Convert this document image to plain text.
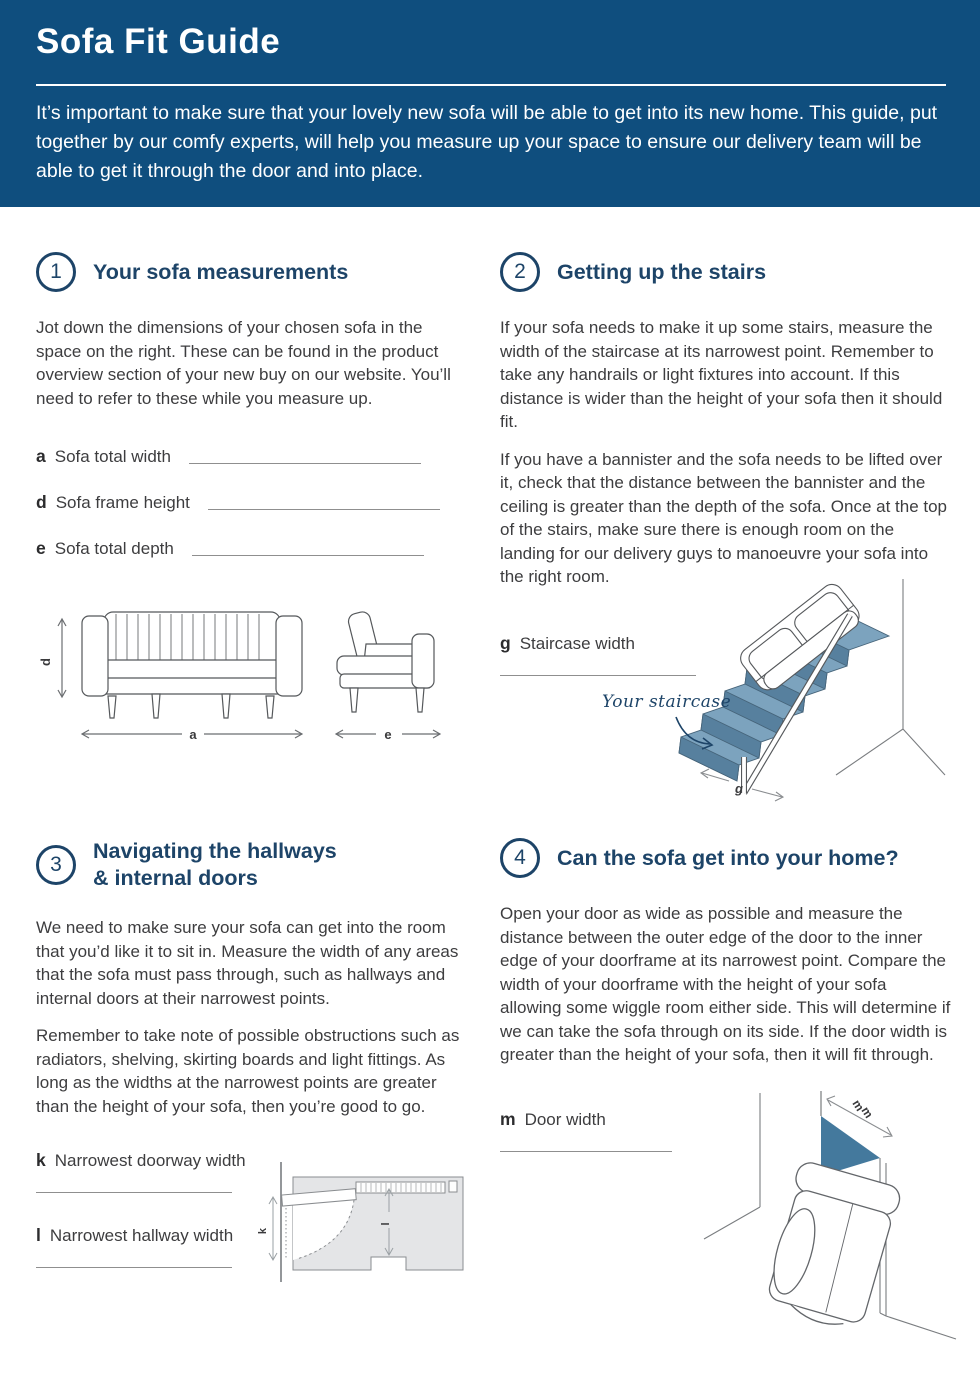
Sofa Fit Guide

It’s important to make sure that your lovely new sofa will be able to get into its new home. This guide, put together by our comfy experts, will help you measure up your space to ensure our delivery team will be able to get it through the door and into place.

1	Your sofa measurements

Jot down the dimensions of your chosen sofa in the space on the right. These can be found in the product overview section of your new buy on our website. You’ll need to refer to these while you measure up.

a Sofa total width
d Sofa frame height
e Sofa total depth
d
a	e
2	Getting up the stairs

If your sofa needs to make it up some stairs, measure the width of the staircase at its narrowest point. Remember to take any handrails or light fixtures into account. If this distance is wider than the height of your sofa then it should fit.

If you have a bannister and the sofa needs to be lifted over it, check that the distance between the bannister and the ceiling is greater than the depth of the sofa. Once at the top of the stairs, make sure there is enough room on the landing for our delivery guys to manoeuvre your sofa into the right room.

g Staircase width
Your staircase
g
3
Navigating the hallways
& internal doors

We need to make sure your sofa can get into the room that you’d like it to sit in. Measure the width of any areas that the sofa must pass through, such as hallways and internal doors at their narrowest points.

Remember to take note of possible obstructions such as radiators, shelving, skirting boards and light fittings. As long as the widths at the narrowest points are greater than the height of your sofa, then you’re good to go.

k Narrowest doorway width
l Narrowest hallway width k
l
4	Can the sofa get into your home?

Open your door as wide as possible and measure the distance between the outer edge of the door to the inner edge of your doorframe at its narrowest point. Compare the width of your doorframe with the height of your sofa allowing some wiggle room either side. This will determine if we can take the sofa through on its side. If the door width is greater than the height of your sofa, then it will fit through.

m Door width
m
m
